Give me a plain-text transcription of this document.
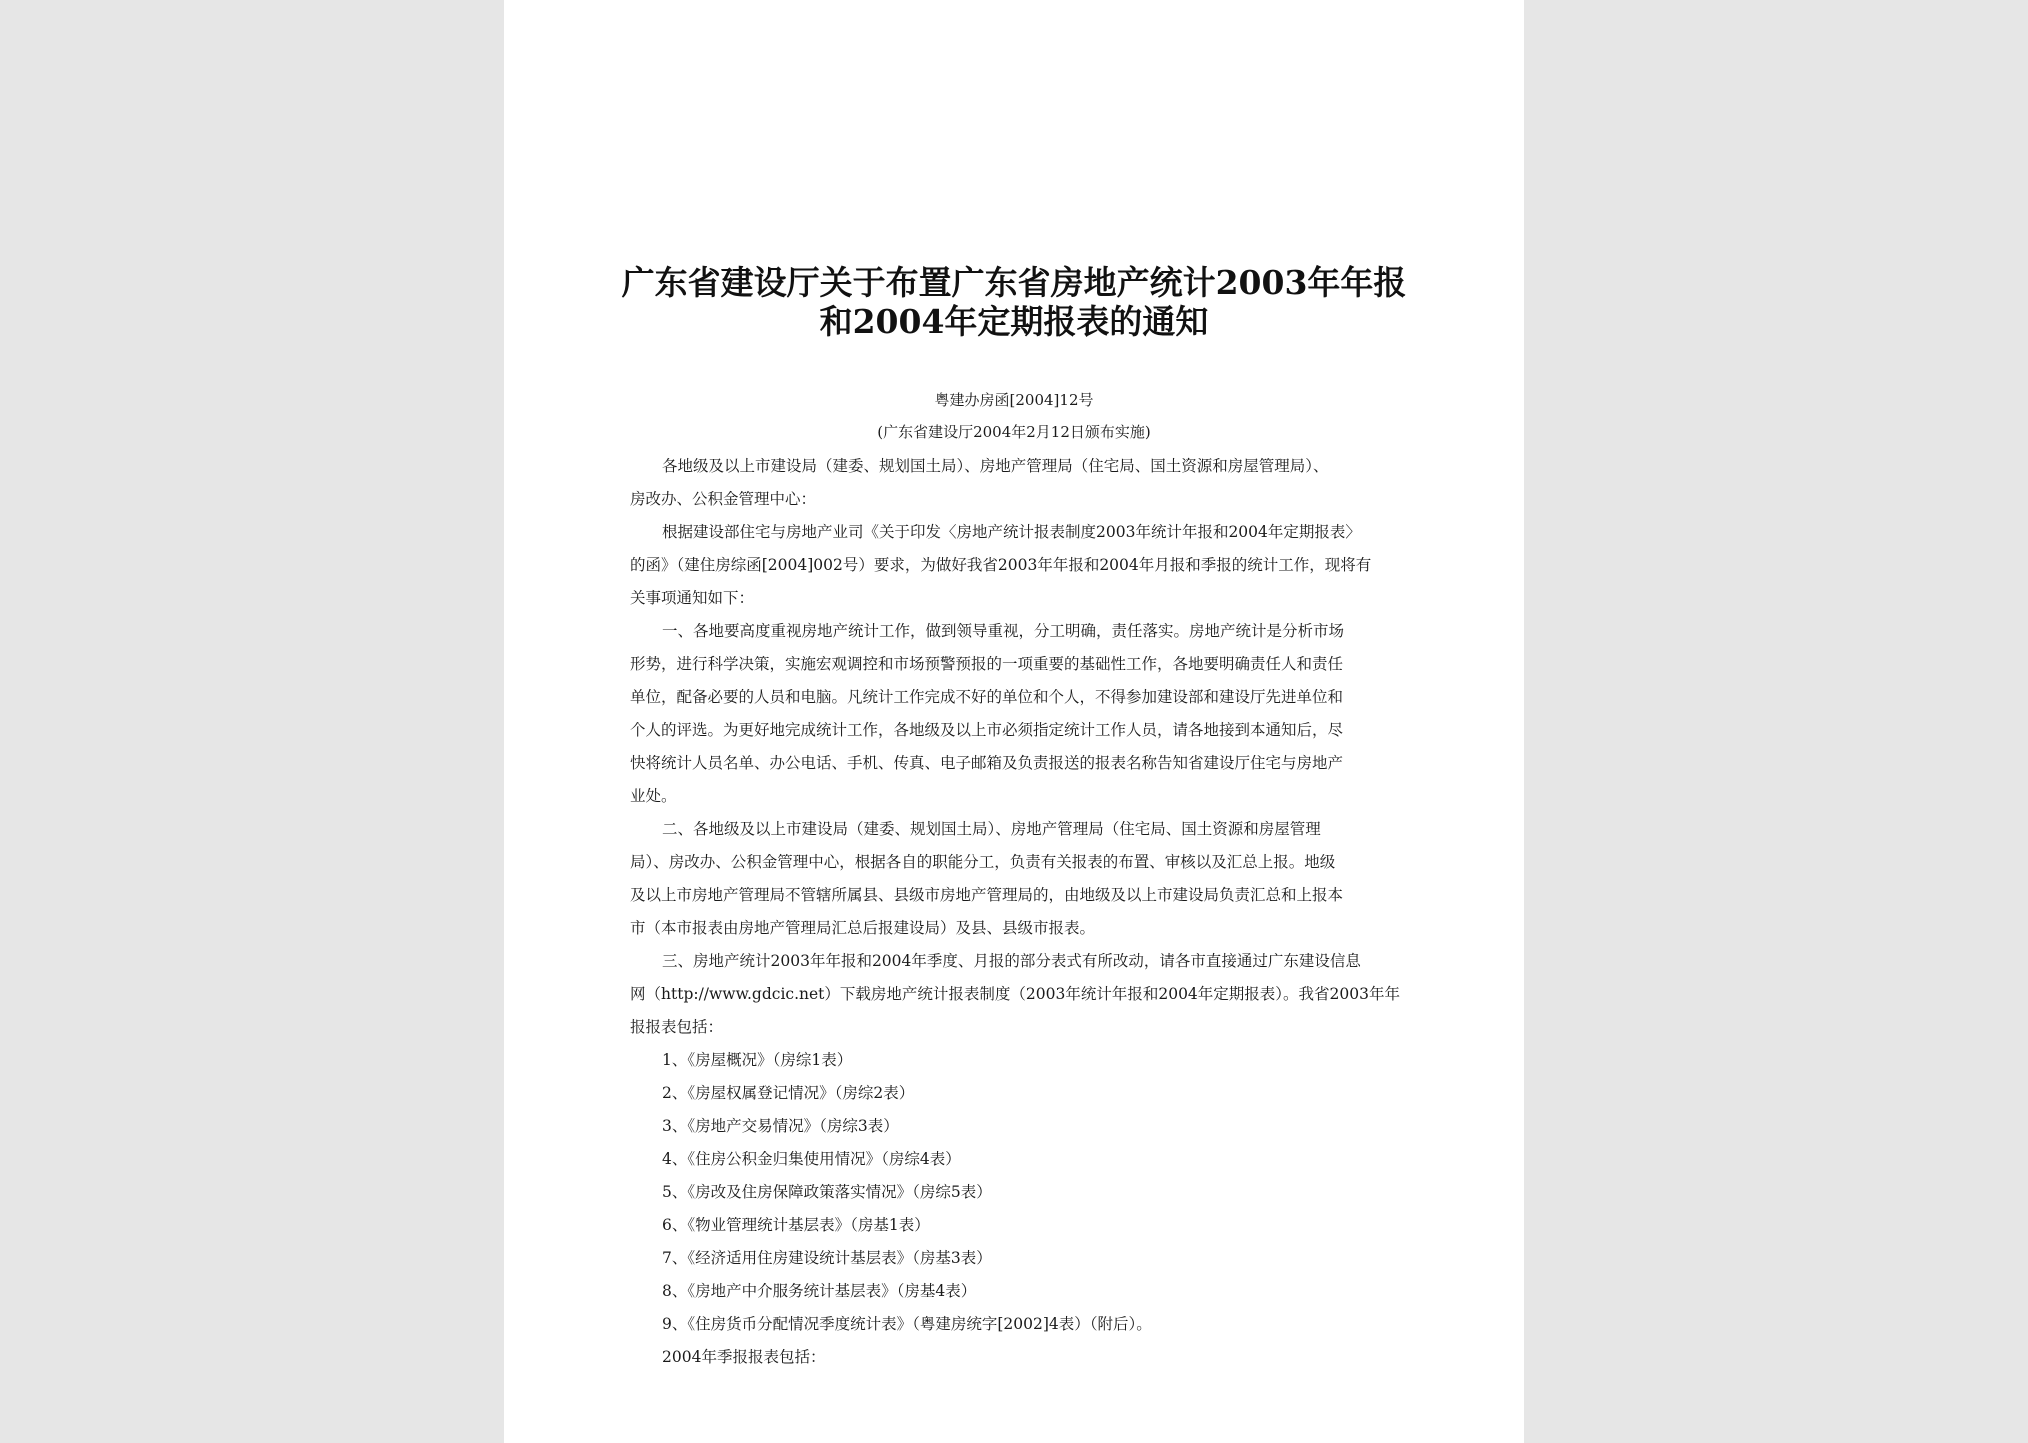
广东省建设厅关于布置广东省房地产统计2003年年报
和2004年定期报表的通知
粤建办房函[2004]12号
(广东省建设厅2004年2月12日颁布实施)
各地级及以上市建设局（建委、规划国土局）、房地产管理局（住宅局、国土资源和房屋管理局）、
房改办、公积金管理中心：
根据建设部住宅与房地产业司《关于印发〈房地产统计报表制度2003年统计年报和2004年定期报表〉
的函》（建住房综函[2004]002号）要求，为做好我省2003年年报和2004年月报和季报的统计工作，现将有
关事项通知如下：
一、各地要高度重视房地产统计工作，做到领导重视，分工明确，责任落实。房地产统计是分析市场
形势，进行科学决策，实施宏观调控和市场预警预报的一项重要的基础性工作，各地要明确责任人和责任
单位，配备必要的人员和电脑。凡统计工作完成不好的单位和个人，不得参加建设部和建设厅先进单位和
个人的评选。为更好地完成统计工作，各地级及以上市必须指定统计工作人员，请各地接到本通知后，尽
快将统计人员名单、办公电话、手机、传真、电子邮箱及负责报送的报表名称告知省建设厅住宅与房地产
业处。
二、各地级及以上市建设局（建委、规划国土局）、房地产管理局（住宅局、国土资源和房屋管理
局）、房改办、公积金管理中心，根据各自的职能分工，负责有关报表的布置、审核以及汇总上报。地级
及以上市房地产管理局不管辖所属县、县级市房地产管理局的，由地级及以上市建设局负责汇总和上报本
市（本市报表由房地产管理局汇总后报建设局）及县、县级市报表。
三、房地产统计2003年年报和2004年季度、月报的部分表式有所改动，请各市直接通过广东建设信息
网（http://www.gdcic.net）下载房地产统计报表制度（2003年统计年报和2004年定期报表）。我省2003年年
报报表包括：
1、《房屋概况》（房综1表）
2、《房屋权属登记情况》（房综2表）
3、《房地产交易情况》（房综3表）
4、《住房公积金归集使用情况》（房综4表）
5、《房改及住房保障政策落实情况》（房综5表）
6、《物业管理统计基层表》（房基1表）
7、《经济适用住房建设统计基层表》（房基3表）
8、《房地产中介服务统计基层表》（房基4表）
9、《住房货币分配情况季度统计表》（粤建房统字[2002]4表）（附后）。
2004年季报报表包括：
